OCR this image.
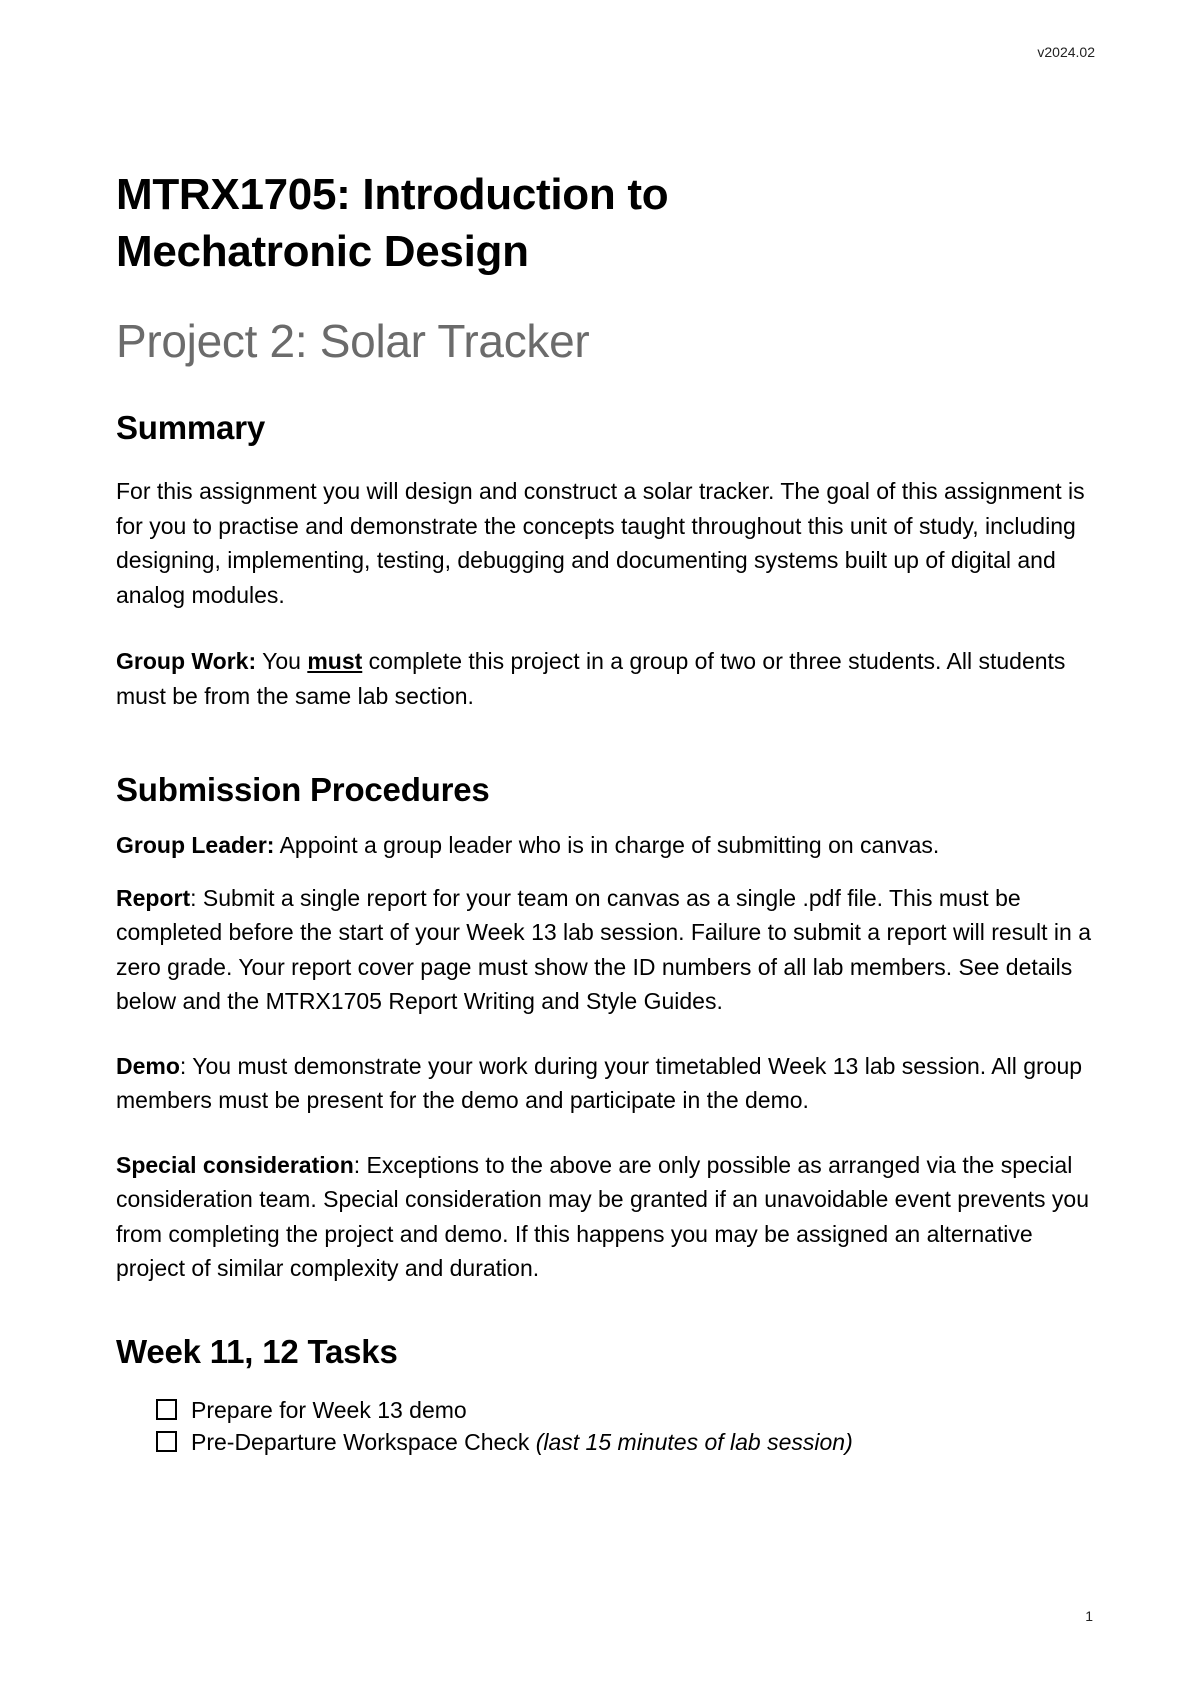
v2024.02
MTRX1705: Introduction to
Mechatronic Design
Project 2: Solar Tracker
Summary

For this assignment you will design and construct a solar tracker. The goal of this assignment is for you to practise and demonstrate the concepts taught throughout this unit of study, including designing, implementing, testing, debugging and documenting systems built up of digital and analog modules.

Group Work: You must complete this project in a group of two or three students. All students must be from the same lab section.

Submission Procedures

Group Leader: Appoint a group leader who is in charge of submitting on canvas.

Report: Submit a single report for your team on canvas as a single .pdf file. This must be completed before the start of your Week 13 lab session. Failure to submit a report will result in a zero grade. Your report cover page must show the ID numbers of all lab members. See details below and the MTRX1705 Report Writing and Style Guides.

Demo: You must demonstrate your work during your timetabled Week 13 lab session. All group members must be present for the demo and participate in the demo.

Special consideration: Exceptions to the above are only possible as arranged via the special consideration team. Special consideration may be granted if an unavoidable event prevents you from completing the project and demo. If this happens you may be assigned an alternative project of similar complexity and duration.

Week 11, 12 Tasks
Prepare for Week 13 demo
Pre-Departure Workspace Check (last 15 minutes of lab session)
1
